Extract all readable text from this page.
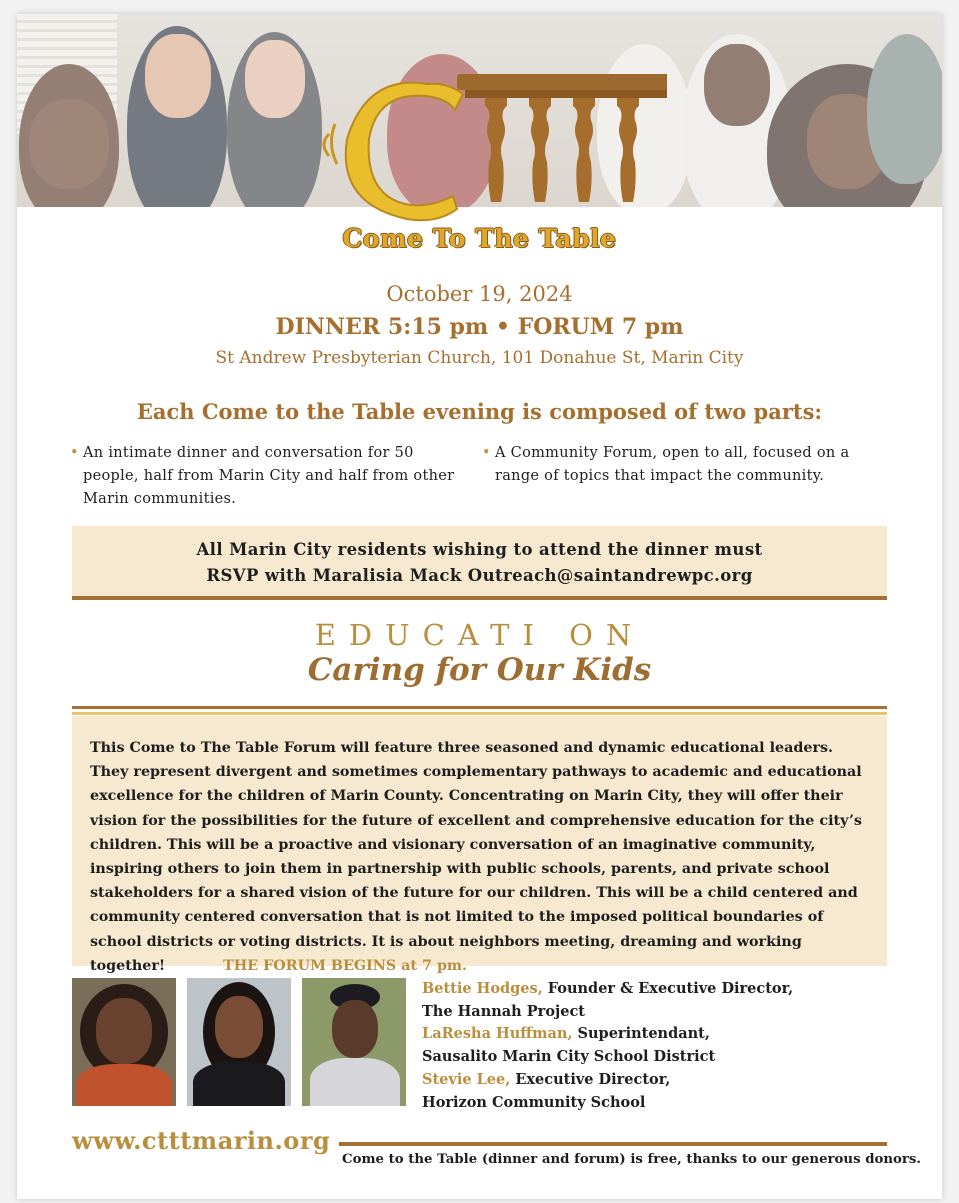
Come To The Table
October 19, 2024
DINNER 5:15 pm • FORUM 7 pm
St Andrew Presbyterian Church, 101 Donahue St, Marin City
Each Come to the Table evening is composed of two parts:
• An intimate dinner and conversation for 50 people, half from Marin City and half from other Marin communities.
• A Community Forum, open to all, focused on a range of topics that impact the community.
All Marin City residents wishing to attend the dinner must
RSVP with Maralisia Mack Outreach@saintandrewpc.org
EDUCATI ON
Caring for Our Kids

This Come to The Table Forum will feature three seasoned and dynamic educational leaders. They represent divergent and sometimes complementary pathways to academic and educational excellence for the children of Marin County. Concentrating on Marin City, they will offer their vision for the possibilities for the future of excellent and comprehensive education for the city’s children. This will be a proactive and visionary conversation of an imaginative community, inspiring others to join them in partnership with public schools, parents, and private school stakeholders for a shared vision of the future for our children. This will be a child centered and community centered conversation that is not limited to the imposed political boundaries of school districts or voting districts. It is about neighbors meeting, dreaming and working together!	THE FORUM BEGINS at 7 pm.

Bettie Hodges, Founder & Executive Director,
The Hannah Project
LaResha Huffman, Superintendant,
Sausalito Marin City School District
Stevie Lee, Executive Director,
Horizon Community School
www.ctttmarin.org
Come to the Table (dinner and forum) is free, thanks to our generous donors.
